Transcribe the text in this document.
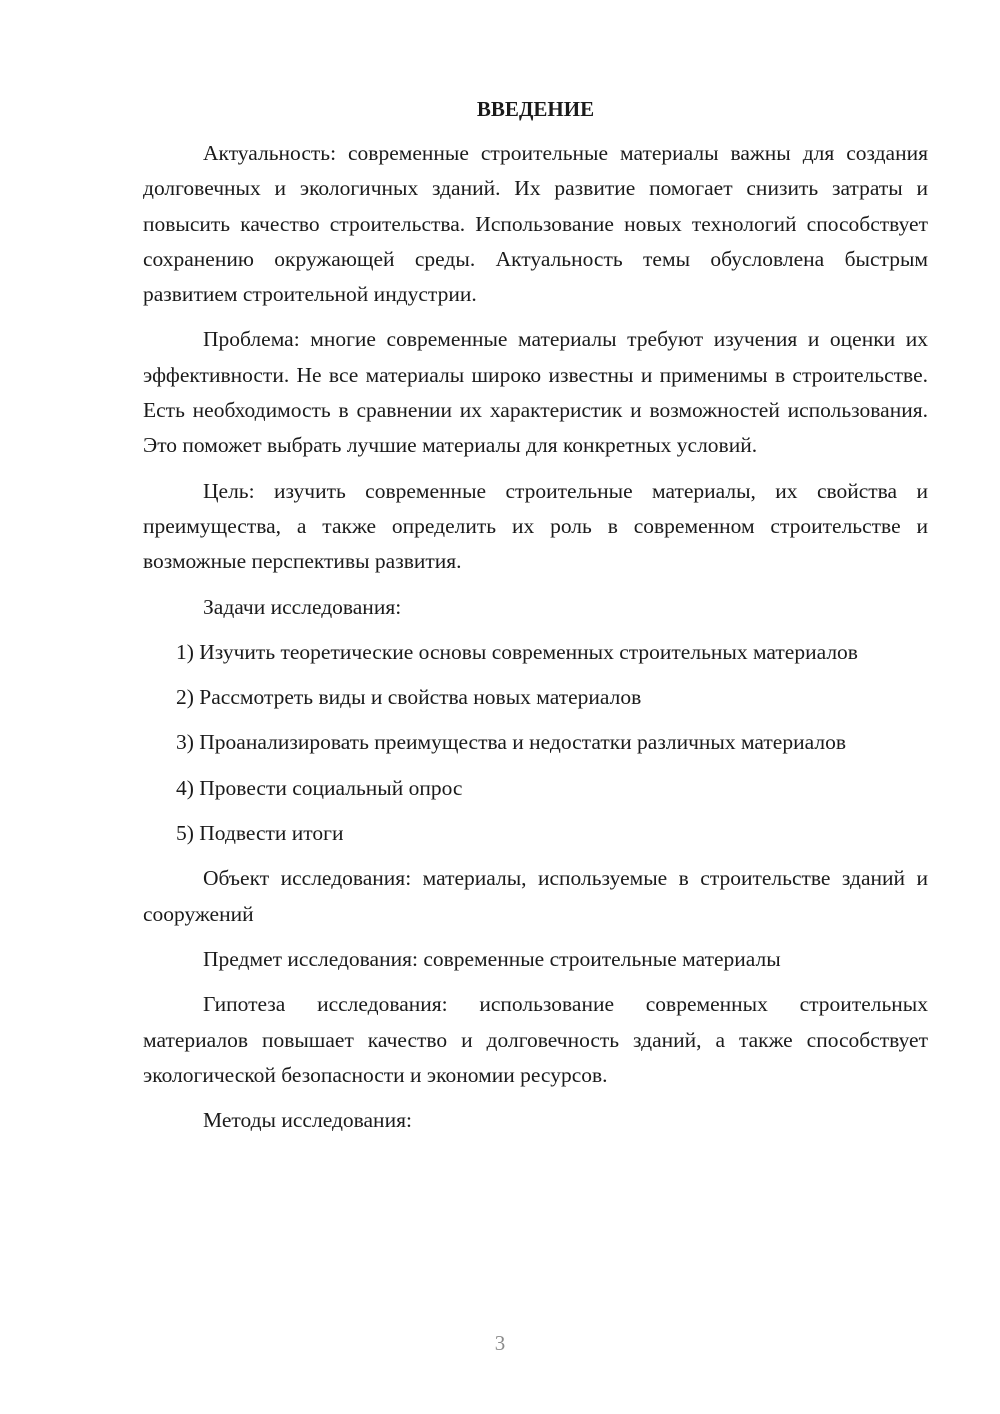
ВВЕДЕНИЕ

Актуальность: современные строительные материалы важны для создания долговечных и экологичных зданий. Их развитие помогает снизить затраты и повысить качество строительства. Использование новых технологий способствует сохранению окружающей среды. Актуальность темы обусловлена быстрым развитием строительной индустрии.

Проблема: многие современные материалы требуют изучения и оценки их эффективности. Не все материалы широко известны и применимы в строительстве. Есть необходимость в сравнении их характеристик и возможностей использования. Это поможет выбрать лучшие материалы для конкретных условий.

Цель: изучить современные строительные материалы, их свойства и преимущества, а также определить их роль в современном строительстве и возможные перспективы развития.

Задачи исследования:

1) Изучить теоретические основы современных строительных материалов

2) Рассмотреть виды и свойства новых материалов

3) Проанализировать преимущества и недостатки различных материалов

4) Провести социальный опрос

5) Подвести итоги

Объект исследования: материалы, используемые в строительстве зданий и сооружений

Предмет исследования: современные строительные материалы

Гипотеза исследования: использование современных строительных материалов повышает качество и долговечность зданий, а также способствует экологической безопасности и экономии ресурсов.

Методы исследования:

3
